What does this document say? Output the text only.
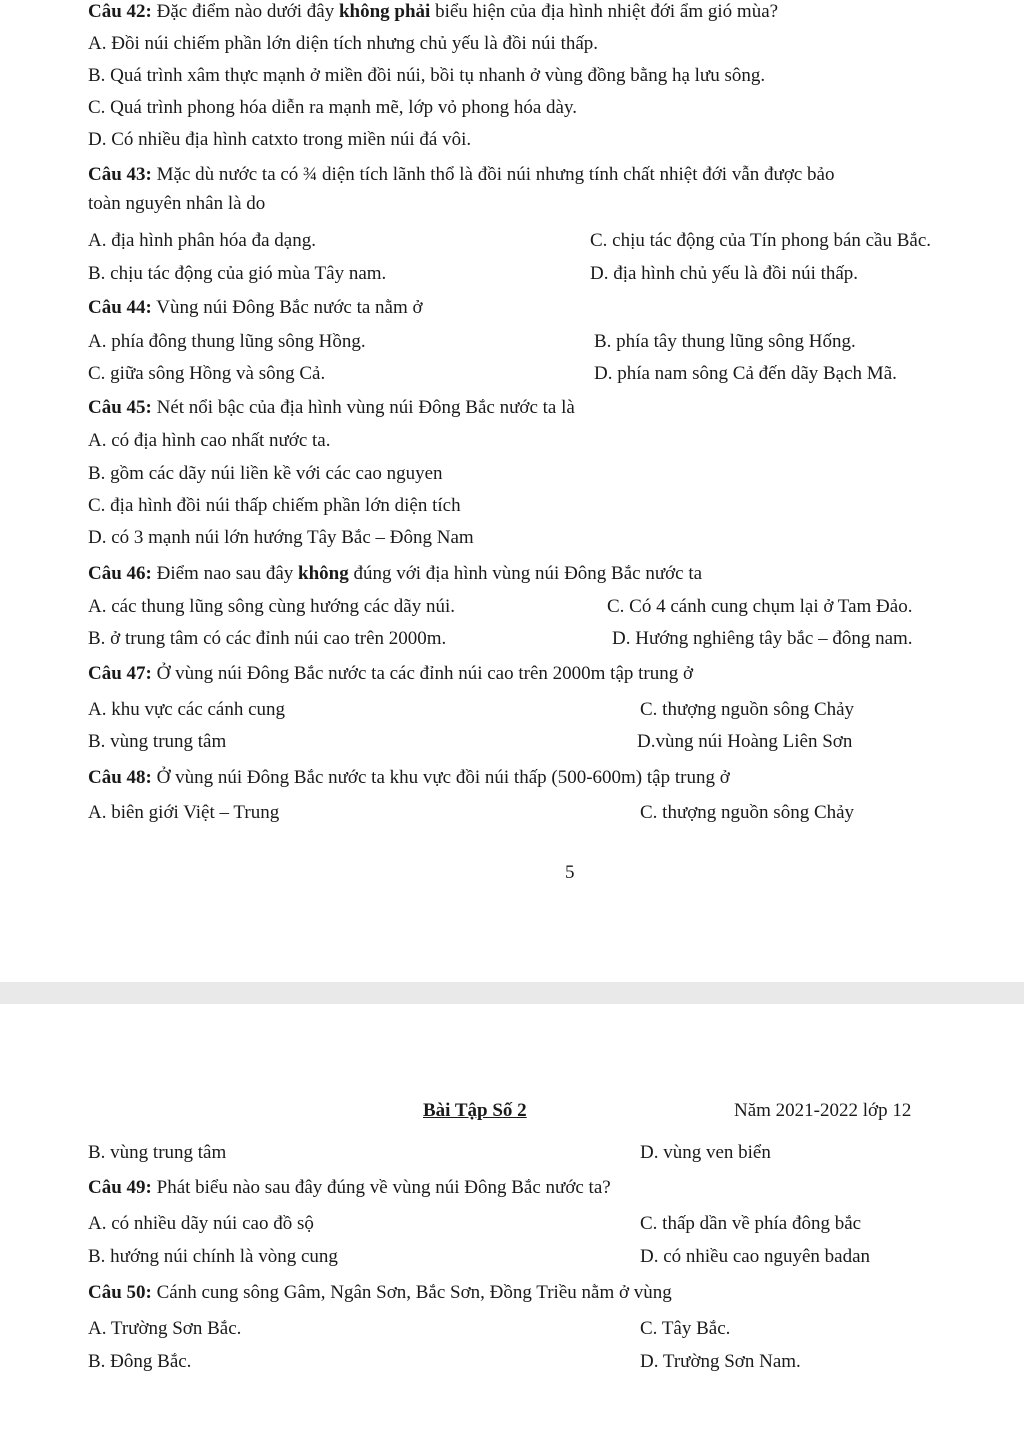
Câu 42: Đặc điểm nào dưới đây không phải biểu hiện của địa hình nhiệt đới ẩm gió mùa?
A. Đồi núi chiếm phần lớn diện tích nhưng chủ yếu là đồi núi thấp.
B. Quá trình xâm thực mạnh ở miền đồi núi, bồi tụ nhanh ở vùng đồng bằng hạ lưu sông.
C. Quá trình phong hóa diễn ra mạnh mẽ, lớp vỏ phong hóa dày.
D. Có nhiều địa hình catxto trong miền núi đá vôi.
Câu 43: Mặc dù nước ta có ¾ diện tích lãnh thổ là đồi núi nhưng tính chất nhiệt đới vẫn được bảo
toàn nguyên nhân là do
A. địa hình phân hóa đa dạng.	C. chịu tác động của Tín phong bán cầu Bắc.
B. chịu tác động của gió mùa Tây nam.	D. địa hình chủ yếu là đồi núi thấp.
Câu 44: Vùng núi Đông Bắc nước ta nằm ở
A. phía đông thung lũng sông Hồng.	B. phía tây thung lũng sông Hống.
C. giữa sông Hồng và sông Cả.	D. phía nam sông Cả đến dãy Bạch Mã.
Câu 45: Nét nổi bậc của địa hình vùng núi Đông Bắc nước ta là
A. có địa hình cao nhất nước ta.
B. gồm các dãy núi liền kề với các cao nguyen
C. địa hình đồi núi thấp chiếm phần lớn diện tích
D. có 3 mạnh núi lớn hướng Tây Bắc – Đông Nam
Câu 46: Điểm nao sau đây không đúng với địa hình vùng núi Đông Bắc nước ta
A. các thung lũng sông cùng hướng các dãy núi.	C. Có 4 cánh cung chụm lại ở Tam Đảo.
B. ở trung tâm có các đỉnh núi cao trên 2000m.	D. Hướng nghiêng tây bắc – đông nam.
Câu 47: Ở vùng núi Đông Bắc nước ta các đỉnh núi cao trên 2000m tập trung ở
A. khu vực các cánh cung	C. thượng nguồn sông Chảy
B. vùng trung tâm	D.vùng núi Hoàng Liên Sơn
Câu 48: Ở vùng núi Đông Bắc nước ta khu vực đồi núi thấp (500-600m) tập trung ở
A. biên giới Việt – Trung	C. thượng nguồn sông Chảy
5
Bài Tập Số 2	Năm 2021-2022 lớp 12
B. vùng trung tâm	D. vùng ven biển
Câu 49: Phát biểu nào sau đây đúng về vùng núi Đông Bắc nước ta?
A. có nhiều dãy núi cao đồ sộ	C. thấp dần về phía đông bắc
B. hướng núi chính là vòng cung	D. có nhiều cao nguyên badan
Câu 50: Cánh cung sông Gâm, Ngân Sơn, Bắc Sơn, Đồng Triều nằm ở vùng
A. Trường Sơn Bắc.	C. Tây Bắc.
B. Đông Bắc.	D. Trường Sơn Nam.
